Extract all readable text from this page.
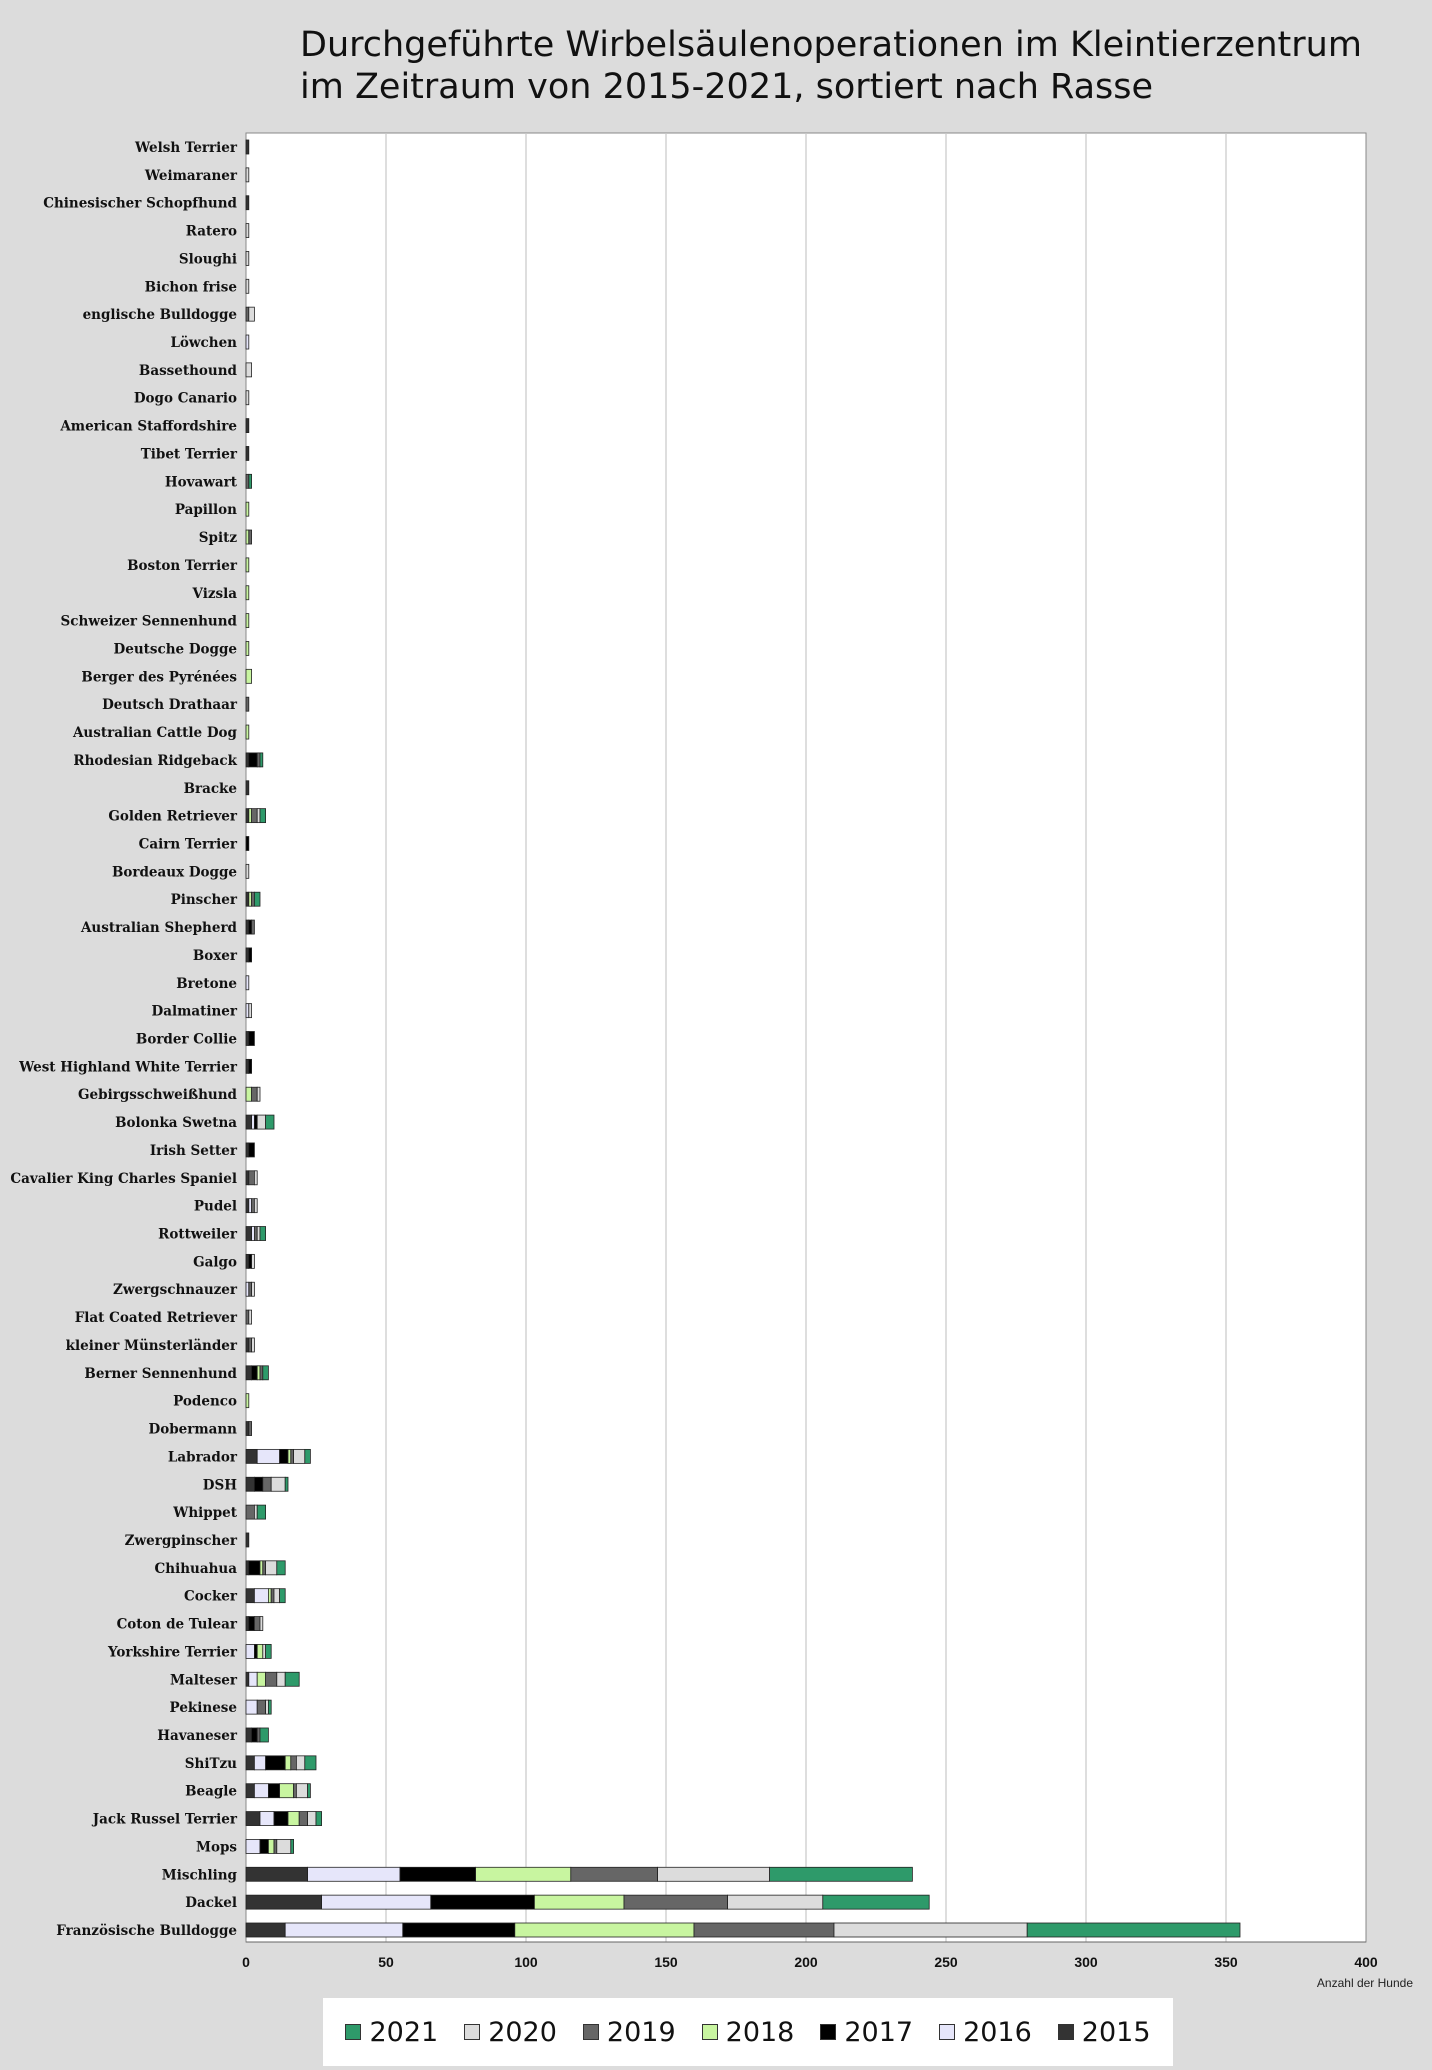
Durchgeführte Wirbelsäulenoperationen im Kleintierzentrum
im Zeitraum von 2015-2021, sortiert nach Rasse
Welsh Terrier
Weimaraner
Chinesischer Schopfhund
Ratero
Sloughi
Bichon frise
englische Bulldogge
Löwchen
Bassethound
Dogo Canario
American Staffordshire
Tibet Terrier
Hovawart
Papillon
Spitz
Boston Terrier
Vizsla
Schweizer Sennenhund
Deutsche Dogge
Berger des Pyrénées
Deutsch Drathaar
Australian Cattle Dog
Rhodesian Ridgeback
Bracke
Golden Retriever
Cairn Terrier
Bordeaux Dogge
Pinscher
Australian Shepherd
Boxer
Bretone
Dalmatiner
Border Collie
West Highland White Terrier
Gebirgsschweißhund
Bolonka Swetna
Irish Setter
Cavalier King Charles Spaniel
Pudel
Rottweiler
Galgo
Zwergschnauzer
Flat Coated Retriever
kleiner Münsterländer
Berner Sennenhund
Podenco
Dobermann
Labrador
DSH
Whippet
Zwergpinscher
Chihuahua
Cocker
Coton de Tulear
Yorkshire Terrier
Malteser
Pekinese
Havaneser
ShiTzu
Beagle
Jack Russel Terrier
Mops
Mischling
Dackel
Französische Bulldogge
0	50	100	150	200	250	300	350	400
Anzahl der Hunde
2021 2020 2019 2018 2017 2016 2015
